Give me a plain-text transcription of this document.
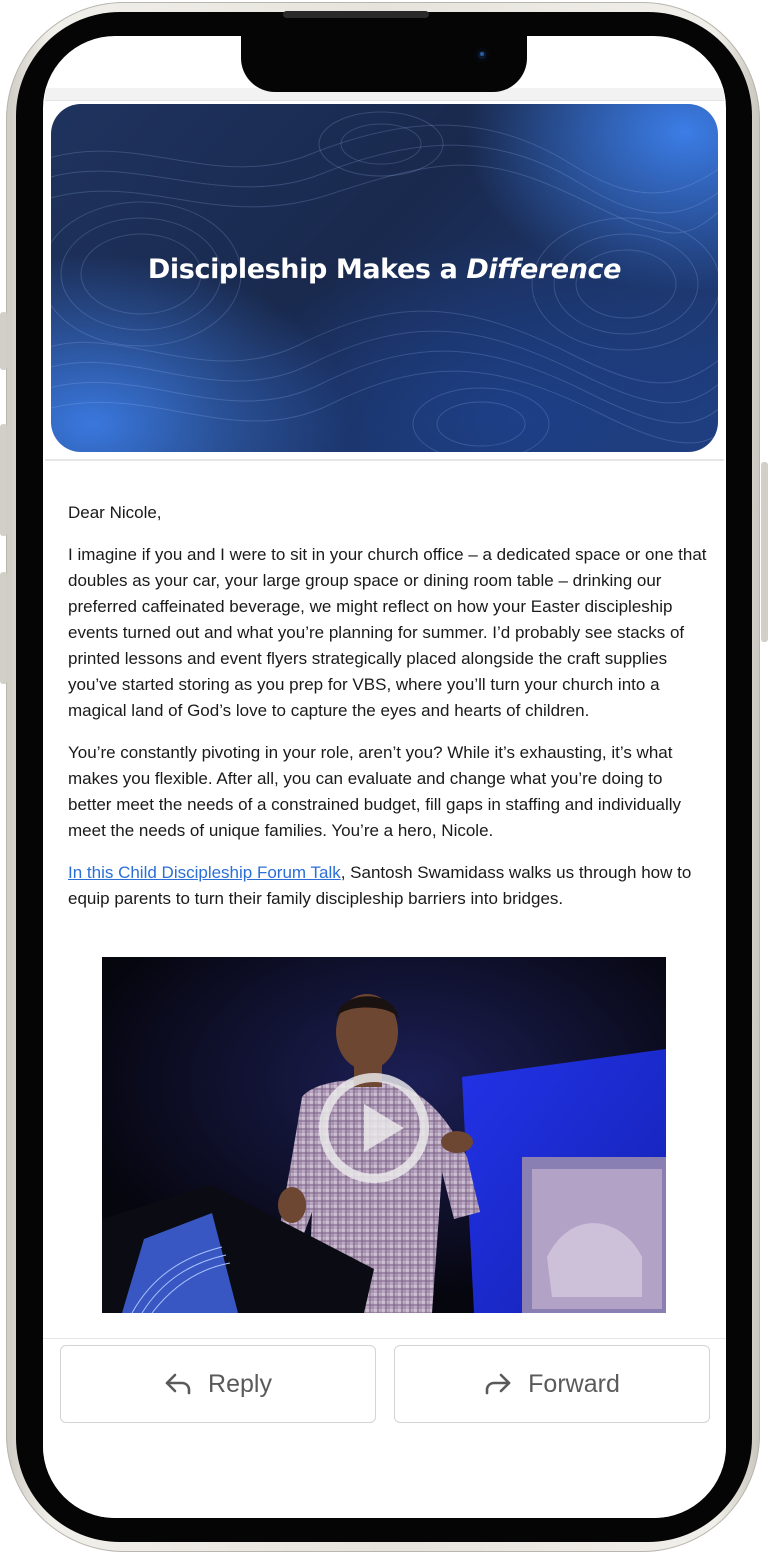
Discipleship Makes a Difference

Dear Nicole,

I imagine if you and I were to sit in your church office – a dedicated space or one that doubles as your car, your large group space or dining room table – drinking our preferred caffeinated beverage, we might reflect on how your Easter discipleship events turned out and what you’re planning for summer. I’d probably see stacks of printed lessons and event flyers strategically placed alongside the craft supplies you’ve started storing as you prep for VBS, where you’ll turn your church into a magical land of God’s love to capture the eyes and hearts of children.

You’re constantly pivoting in your role, aren’t you? While it’s exhausting, it’s what makes you flexible. After all, you can evaluate and change what you’re doing to better meet the needs of a constrained budget, fill gaps in staffing and individually meet the needs of unique families. You’re a hero, Nicole.

In this Child Discipleship Forum Talk, Santosh Swamidass walks us through how to equip parents to turn their family discipleship barriers into bridges.

Reply	Forward
